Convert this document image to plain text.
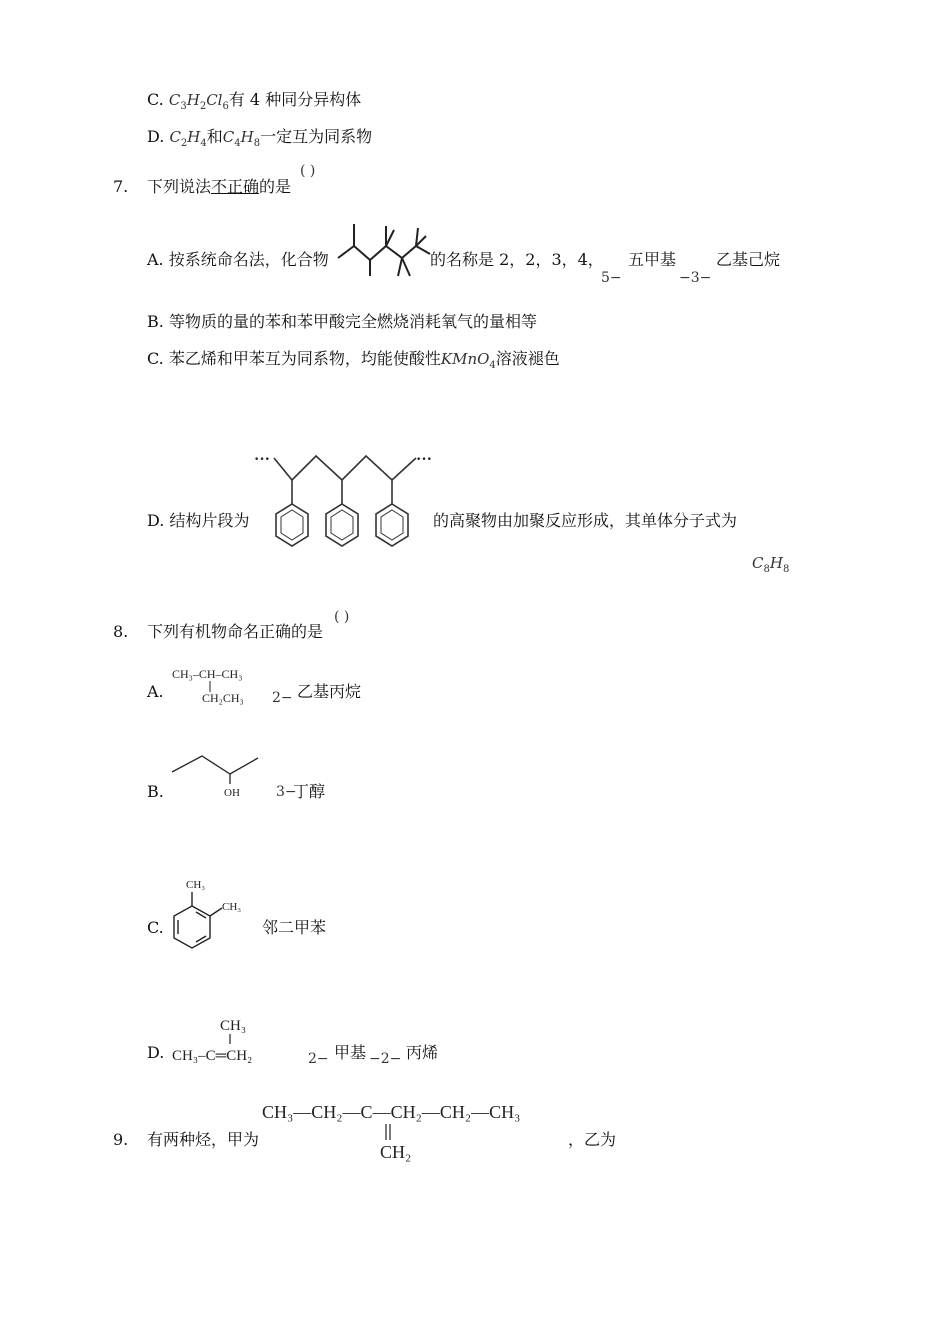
C. $C_3H_2Cl_6$有 4 种同分异构体
D. $C_2H_4$和$C_4H_8$一定互为同系物
7. 下列说法不正确的是
( )
A. 按系统命名法，化合物	的名称是 2，2，3，4，
5−
五甲基
−3−
乙基己烷
B. 等物质的量的苯和苯甲酸完全燃烧消耗氧气的量相等
C. 苯乙烯和甲苯互为同系物，均能使酸性KMnO$_4$溶液褪色
D. 结构片段为
···	···
的高聚物由加聚反应形成，其单体分子式为
$C_8H_8$
8. 下列有机物命名正确的是
( )
A.
CH₃–CH–CH₃
CH₂CH₃ 2− 乙基丙烷
B.	OH	3−
丁醇
C.
CH₃
CH₃
邻二甲苯
D.
CH₃
CH₃–C═CH₂	2− 甲基 −2− 丙烯
9. 有两种烃，甲为
CH₃—CH₂—C—CH₂—CH₂—CH₃
CH₂
，乙为
